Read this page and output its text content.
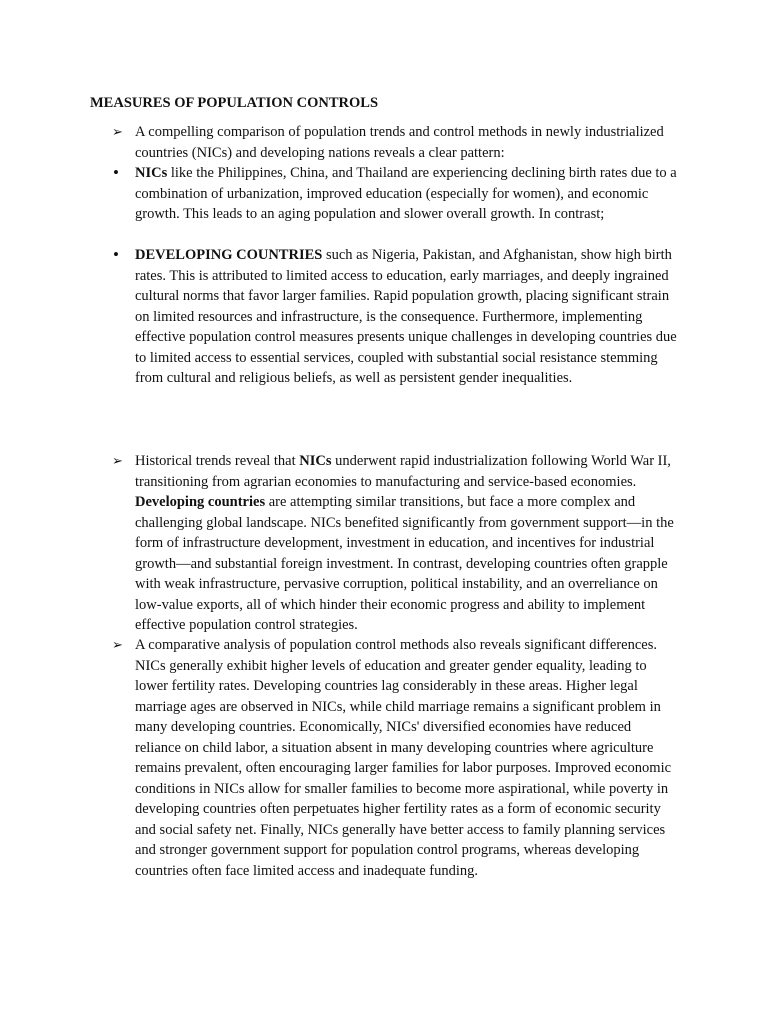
MEASURES OF POPULATION CONTROLS
➢ A compelling comparison of population trends and control methods in newly industrialized countries (NICs) and developing nations reveals a clear pattern:

•	NICs like the Philippines, China, and Thailand are experiencing declining birth rates due to a combination of urbanization, improved education (especially for women), and economic growth. This leads to an aging population and slower overall growth. In contrast;

•	DEVELOPING COUNTRIES such as Nigeria, Pakistan, and Afghanistan, show high birth rates. This is attributed to limited access to education, early marriages, and deeply ingrained cultural norms that favor larger families. Rapid population growth, placing significant strain on limited resources and infrastructure, is the consequence. Furthermore, implementing effective population control measures presents unique challenges in developing countries due to limited access to essential services, coupled with substantial social resistance stemming from cultural and religious beliefs, as well as persistent gender inequalities.

➢ Historical trends reveal that NICs underwent rapid industrialization following World War II, transitioning from agrarian economies to manufacturing and service-based economies. Developing countries are attempting similar transitions, but face a more complex and challenging global landscape. NICs benefited significantly from government support—in the form of infrastructure development, investment in education, and incentives for industrial growth—and substantial foreign investment. In contrast, developing countries often grapple with weak infrastructure, pervasive corruption, political instability, and an overreliance on low-value exports, all of which hinder their economic progress and ability to implement effective population control strategies.

➢ A comparative analysis of population control methods also reveals significant differences. NICs generally exhibit higher levels of education and greater gender equality, leading to lower fertility rates. Developing countries lag considerably in these areas. Higher legal marriage ages are observed in NICs, while child marriage remains a significant problem in many developing countries. Economically, NICs' diversified economies have reduced reliance on child labor, a situation absent in many developing countries where agriculture remains prevalent, often encouraging larger families for labor purposes. Improved economic conditions in NICs allow for smaller families to become more aspirational, while poverty in developing countries often perpetuates higher fertility rates as a form of economic security and social safety net. Finally, NICs generally have better access to family planning services and stronger government support for population control programs, whereas developing countries often face limited access and inadequate funding.
